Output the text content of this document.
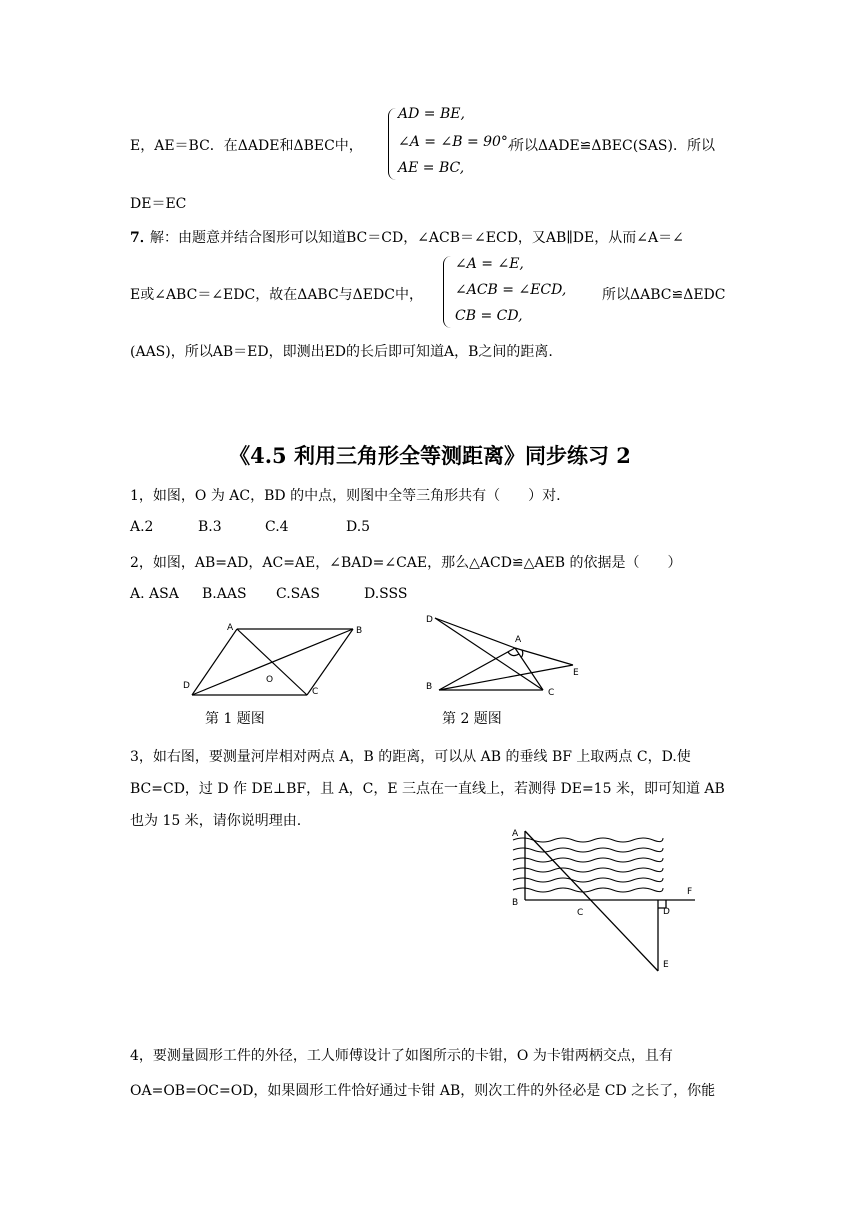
E，AE＝BC．在ΔADE和ΔBEC中，
AD = BE,
∠A = ∠B = 90°,
AE = BC,
所以ΔADE≌ΔBEC(SAS)．所以
DE＝EC
7．
解：由题意并结合图形可以知道BC＝CD，∠ACB＝∠ECD，又AB∥DE，从而∠A＝∠
E或∠ABC＝∠EDC，故在ΔABC与ΔEDC中，
∠A = ∠E,
∠ACB = ∠ECD,
CB = CD,
所以ΔABC≌ΔEDC
(AAS)，所以AB＝ED，即测出ED的长后即可知道A，B之间的距离.
《4.5 利用三角形全等测距离》同步练习 2
1，如图，O 为 AC，BD 的中点，则图中全等三角形共有（　　）对.
A.2	B.3	C.4	D.5
2，如图，AB=AD，AC=AE，∠BAD=∠CAE，那么△ACD≌△AEB 的依据是（　　）
A. ASA B.AAS C.SAS	D.SSS
A	B
D
O
C
第 1 题图
D
A
E
B
C
第 2 题图
3，如右图，要测量河岸相对两点 A，B 的距离，可以从 AB 的垂线 BF 上取两点 C，D.使
BC=CD，过 D 作 DE⊥BF，且 A，C，E 三点在一直线上，若测得 DE=15 米，即可知道 AB
也为 15 米，请你说明理由.
A
F
B
D
C
E
4，要测量圆形工件的外径，工人师傅设计了如图所示的卡钳，O 为卡钳两柄交点，且有
OA=OB=OC=OD，如果圆形工件恰好通过卡钳 AB，则次工件的外径必是 CD 之长了，你能
